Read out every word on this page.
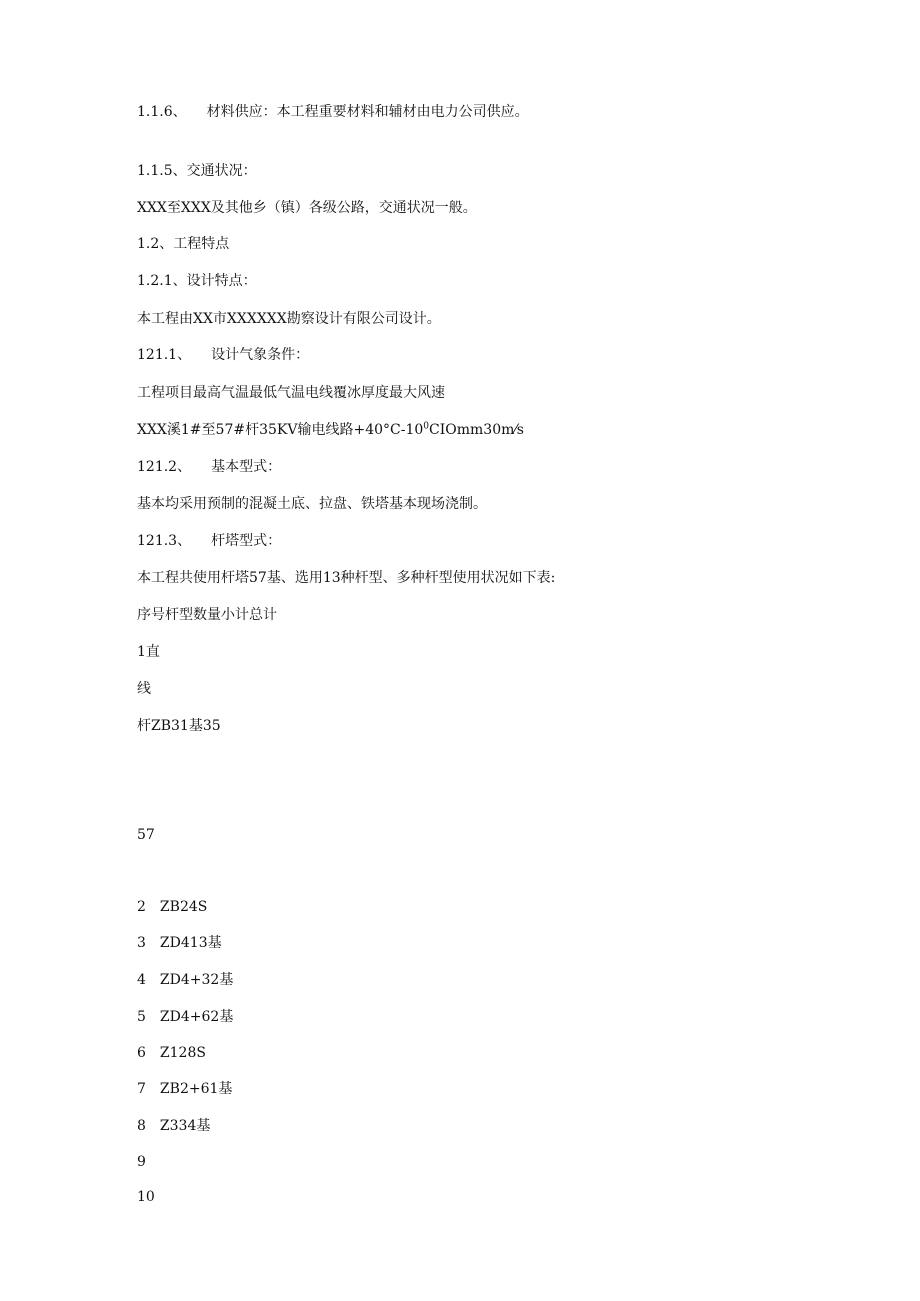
1.1.6、 材料供应：本工程重要材料和辅材由电力公司供应。
1.1.5、交通状况：
XXX至XXX及其他乡（镇）各级公路，交通状况一般。
1.2、工程特点
1.2.1、设计特点：
本工程由XX市XXXXXX勘察设计有限公司设计。
121.1、 设计气象条件：
工程项目最高气温最低气温电线覆冰厚度最大风速
XXX溪1#至57#杆35KV输电线路$+40^\circ C-10^0CIOmm30m⁄s$
121.2、 基本型式：
基本均采用预制的混凝土底、拉盘、铁塔基本现场浇制。
121.3、 杆塔型式：
本工程共使用杆塔57基、选用13种杆型、多种杆型使用状况如下表:
序号杆型数量小计总计
1直
线
杆ZB31基35
57
2 ZB24S
3 ZD413基
4 ZD4+32基
5 ZD4+62基
6 Z128S
7 ZB2+61基
8 Z334基
9
10
